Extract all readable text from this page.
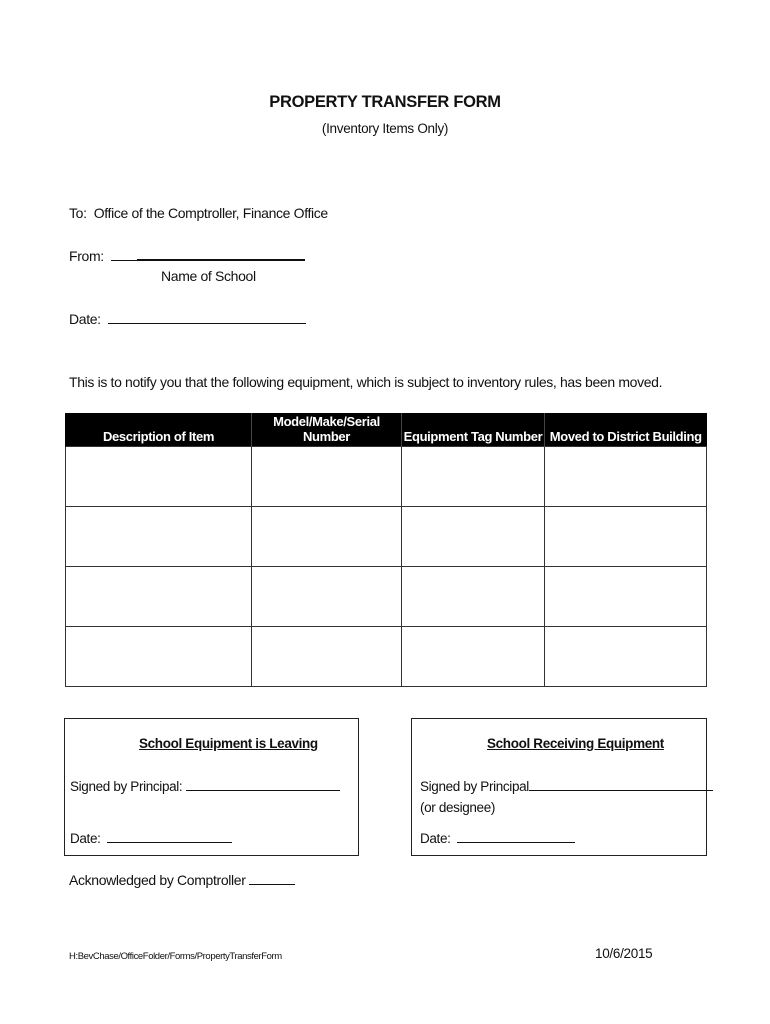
PROPERTY TRANSFER FORM
(Inventory Items Only)
To: Office of the Comptroller, Finance Office
From:
Name of School
Date:
This is to notify you that the following equipment, which is subject to inventory rules, has been moved.
Description of Item	Model/Make/Serial Number	Equipment Tag Number	Moved to District Building

School Equipment is Leaving
Signed by Principal:
Date:
School Receiving Equipment
Signed by Principal
(or designee)
Date:
Acknowledged by Comptroller
H:BevChase/OfficeFolder/Forms/PropertyTransferForm	10/6/2015
